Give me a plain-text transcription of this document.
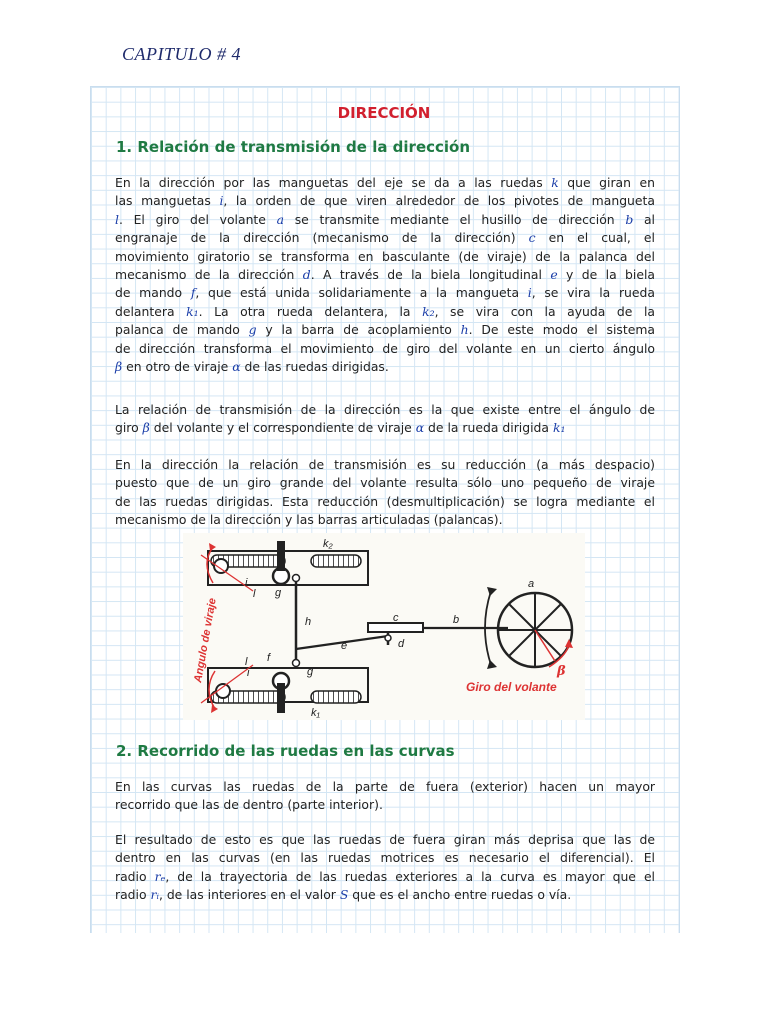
CAPITULO # 4
DIRECCIÓN
1. Relación de transmisión de la dirección
En la dirección por las manguetas del eje se da a las ruedas k que giran en
las manguetas i, la orden de que viren alrededor de los pivotes de mangueta
l. El giro del volante a se transmite mediante el husillo de dirección b al
engranaje de la dirección (mecanismo de la dirección) c en el cual, el
movimiento giratorio se transforma en basculante (de viraje) de la palanca del
mecanismo de la dirección d. A través de la biela longitudinal e y de la biela
de mando f, que está unida solidariamente a la mangueta i, se vira la rueda
delantera k₁. La otra rueda delantera, la k₂, se vira con la ayuda de la
palanca de mando g y la barra de acoplamiento h. De este modo el sistema
de dirección transforma el movimiento de giro del volante en un cierto ángulo
β en otro de viraje α de las ruedas dirigidas.
La relación de transmisión de la dirección es la que existe entre el ángulo de
giro β del volante y el correspondiente de viraje α de la rueda dirigida k₁
En la dirección la relación de transmisión es su reducción (a más despacio)
puesto que de un giro grande del volante resulta sólo uno pequeño de viraje
de las ruedas dirigidas. Esta reducción (desmultiplicación) se logra mediante el
mecanismo de la dirección y las barras articuladas (palancas).
k₂
i
l g
h
e
c
d
b
a
f
l
i	g
k₁
β
Giro del volante
Angulo de viraje
2. Recorrido de las ruedas en las curvas
En las curvas las ruedas de la parte de fuera (exterior) hacen un mayor
recorrido que las de dentro (parte interior).
El resultado de esto es que las ruedas de fuera giran más deprisa que las de
dentro en las curvas (en las ruedas motrices es necesario el diferencial). El
radio rₑ, de la trayectoria de las ruedas exteriores a la curva es mayor que el
radio rᵢ, de las interiores en el valor S que es el ancho entre ruedas o vía.
